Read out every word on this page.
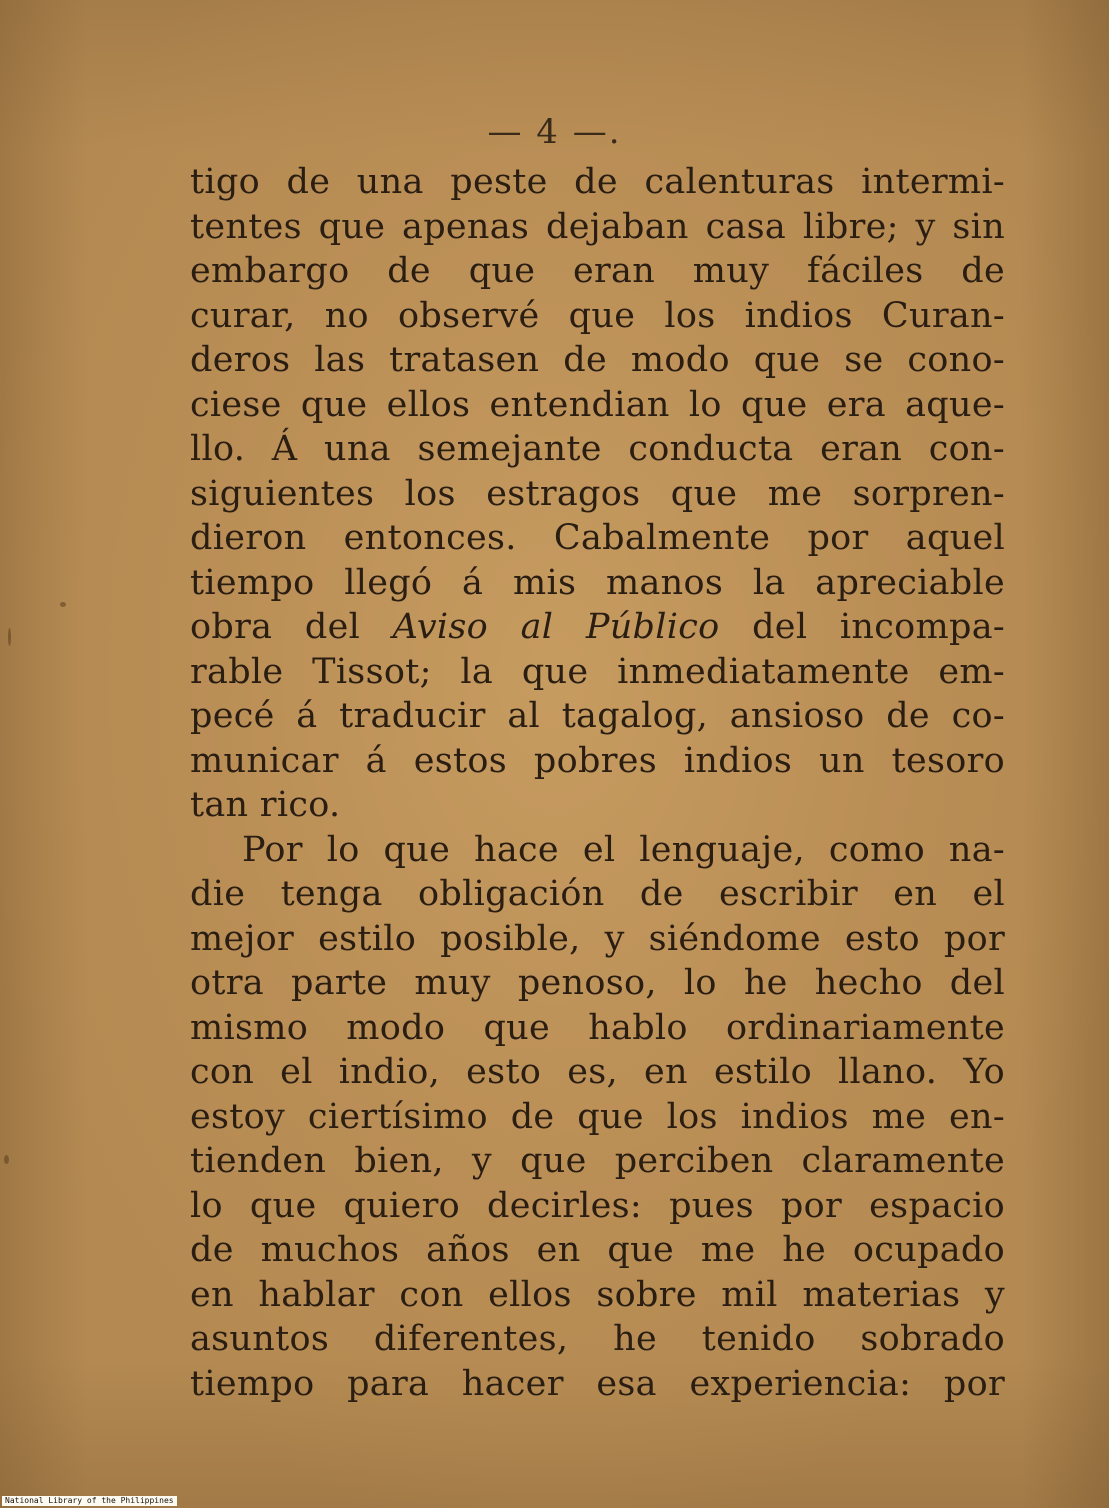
— 4 —.
tigo de una peste de calenturas intermi-
tentes que apenas dejaban casa libre; y sin
embargo de que eran muy fáciles de
curar, no observé que los indios Curan-
deros las tratasen de modo que se cono-
ciese que ellos entendian lo que era aque-
llo. Á una semejante conducta eran con-
siguientes los estragos que me sorpren-
dieron entonces. Cabalmente por aquel
tiempo llegó á mis manos la apreciable
obra del Aviso al Público del incompa-
rable Tissot; la que inmediatamente em-
pecé á traducir al tagalog, ansioso de co-
municar á estos pobres indios un tesoro
tan rico.
Por lo que hace el lenguaje, como na-
die tenga obligación de escribir en el
mejor estilo posible, y siéndome esto por
otra parte muy penoso, lo he hecho del
mismo modo que hablo ordinariamente
con el indio, esto es, en estilo llano. Yo
estoy ciertísimo de que los indios me en-
tienden bien, y que perciben claramente
lo que quiero decirles: pues por espacio
de muchos años en que me he ocupado
en hablar con ellos sobre mil materias y
asuntos diferentes, he tenido sobrado
tiempo para hacer esa experiencia: por
National Library of the Philippines
